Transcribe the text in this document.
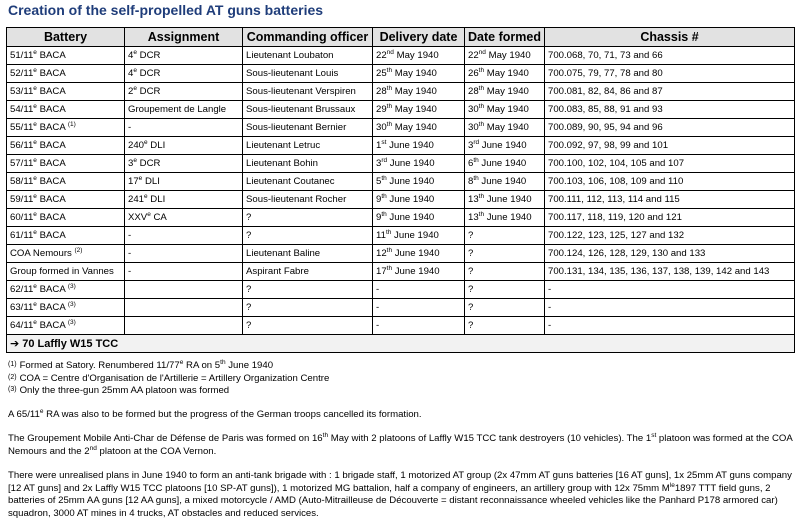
Creation of the self-propelled AT guns batteries
Battery	Assignment	Commanding officer	Delivery date	Date formed	Chassis #
51/11e BACA	4e DCR	Lieutenant Loubaton	22nd May 1940	22nd May 1940	700.068, 70, 71, 73 and 66
52/11e BACA	4e DCR	Sous-lieutenant Louis	25th May 1940	26th May 1940	700.075, 79, 77, 78 and 80
53/11e BACA	2e DCR	Sous-lieutenant Verspiren	28th May 1940	28th May 1940	700.081, 82, 84, 86 and 87
54/11e BACA	Groupement de Langle	Sous-lieutenant Brussaux	29th May 1940	30th May 1940	700.083, 85, 88, 91 and 93
55/11e BACA $^{(1)}$	-	Sous-lieutenant Bernier	30th May 1940	30th May 1940	700.089, 90, 95, 94 and 96
56/11e BACA	240e DLI	Lieutenant Letruc	1st June 1940	3rd June 1940	700.092, 97, 98, 99 and 101
57/11e BACA	3e DCR	Lieutenant Bohin	3rd June 1940	6th June 1940	700.100, 102, 104, 105 and 107
58/11e BACA	17e DLI	Lieutenant Coutanec	5th June 1940	8th June 1940	700.103, 106, 108, 109 and 110
59/11e BACA	241e DLI	Sous-lieutenant Rocher	9th June 1940	13th June 1940	700.111, 112, 113, 114 and 115
60/11e BACA	XXVe CA	?	9th June 1940	13th June 1940	700.117, 118, 119, 120 and 121
61/11e BACA	-	?	11th June 1940	?	700.122, 123, 125, 127 and 132
COA Nemours $^{(2)}$	-	Lieutenant Baline	12th June 1940	?	700.124, 126, 128, 129, 130 and 133
Group formed in Vannes	-	Aspirant Fabre	17th June 1940	?	700.131, 134, 135, 136, 137, 138, 139, 142 and 143
62/11e BACA $^{(3)}$		?	-	?	-
63/11e BACA $^{(3)}$		?	-	?	-
64/11e BACA $^{(3)}$		?	-	?	-
➔ 70 Laffly W15 TCC					
(1) Formed at Satory. Renumbered 11/77e RA on 5th June 1940
(2) COA = Centre d'Organisation de l'Artillerie = Artillery Organization Centre
(3) Only the three-gun 25mm AA platoon was formed
A 65/11e RA was also to be formed but the progress of the German troops cancelled its formation.
The Groupement Mobile Anti-Char de Défense de Paris was formed on 16th May with 2 platoons of Laffly W15 TCC tank destroyers (10 vehicles). The 1st platoon was formed at the COA Nemours and the 2nd platoon at the COA Vernon.
There were unrealised plans in June 1940 to form an anti-tank brigade with : 1 brigade staff, 1 motorized AT group (2x 47mm AT guns batteries [16 AT guns], 1x 25mm AT guns company [12 AT guns] and 2x Laffly W15 TCC platoons [10 SP-AT guns]), 1 motorized MG battalion, half a company of engineers, an artillery group with 12x 75mm $M^{le}1897$ TTT field guns, 2 batteries of 25mm AA guns [12 AA guns], a mixed motorcycle / AMD (Auto-Mitrailleuse de Découverte = distant reconnaissance wheeled vehicles like the Panhard P178 armored car) squadron, 3000 AT mines in 4 trucks, AT obstacles and reduced services.
